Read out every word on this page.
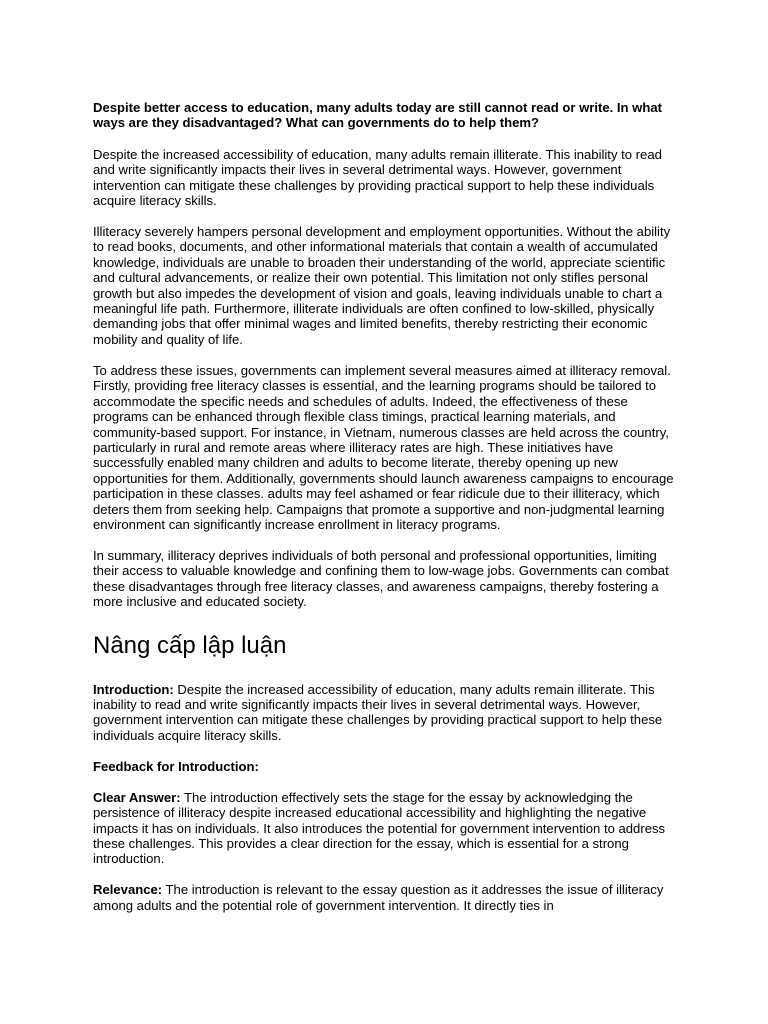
Despite better access to education, many adults today are still cannot read or write. In what ways are they disadvantaged? What can governments do to help them?

Despite the increased accessibility of education, many adults remain illiterate. This inability to read and write significantly impacts their lives in several detrimental ways. However, government intervention can mitigate these challenges by providing practical support to help these individuals acquire literacy skills.

Illiteracy severely hampers personal development and employment opportunities. Without the ability to read books, documents, and other informational materials that contain a wealth of accumulated knowledge, individuals are unable to broaden their understanding of the world, appreciate scientific and cultural advancements, or realize their own potential. This limitation not only stifles personal growth but also impedes the development of vision and goals, leaving individuals unable to chart a meaningful life path. Furthermore, illiterate individuals are often confined to low-skilled, physically demanding jobs that offer minimal wages and limited benefits, thereby restricting their economic mobility and quality of life.

To address these issues, governments can implement several measures aimed at illiteracy removal. Firstly, providing free literacy classes is essential, and the learning programs should be tailored to accommodate the specific needs and schedules of adults. Indeed, the effectiveness of these programs can be enhanced through flexible class timings, practical learning materials, and community-based support. For instance, in Vietnam, numerous classes are held across the country, particularly in rural and remote areas where illiteracy rates are high. These initiatives have successfully enabled many children and adults to become literate, thereby opening up new opportunities for them. Additionally, governments should launch awareness campaigns to encourage participation in these classes. adults may feel ashamed or fear ridicule due to their illiteracy, which deters them from seeking help. Campaigns that promote a supportive and non-judgmental learning environment can significantly increase enrollment in literacy programs.

In summary, illiteracy deprives individuals of both personal and professional opportunities, limiting their access to valuable knowledge and confining them to low-wage jobs. Governments can combat these disadvantages through free literacy classes, and awareness campaigns, thereby fostering a more inclusive and educated society.

Nâng cấp lập luận

Introduction: Despite the increased accessibility of education, many adults remain illiterate. This inability to read and write significantly impacts their lives in several detrimental ways. However, government intervention can mitigate these challenges by providing practical support to help these individuals acquire literacy skills.

Feedback for Introduction:

Clear Answer: The introduction effectively sets the stage for the essay by acknowledging the persistence of illiteracy despite increased educational accessibility and highlighting the negative impacts it has on individuals. It also introduces the potential for government intervention to address these challenges. This provides a clear direction for the essay, which is essential for a strong introduction.

Relevance: The introduction is relevant to the essay question as it addresses the issue of illiteracy among adults and the potential role of government intervention. It directly ties in
